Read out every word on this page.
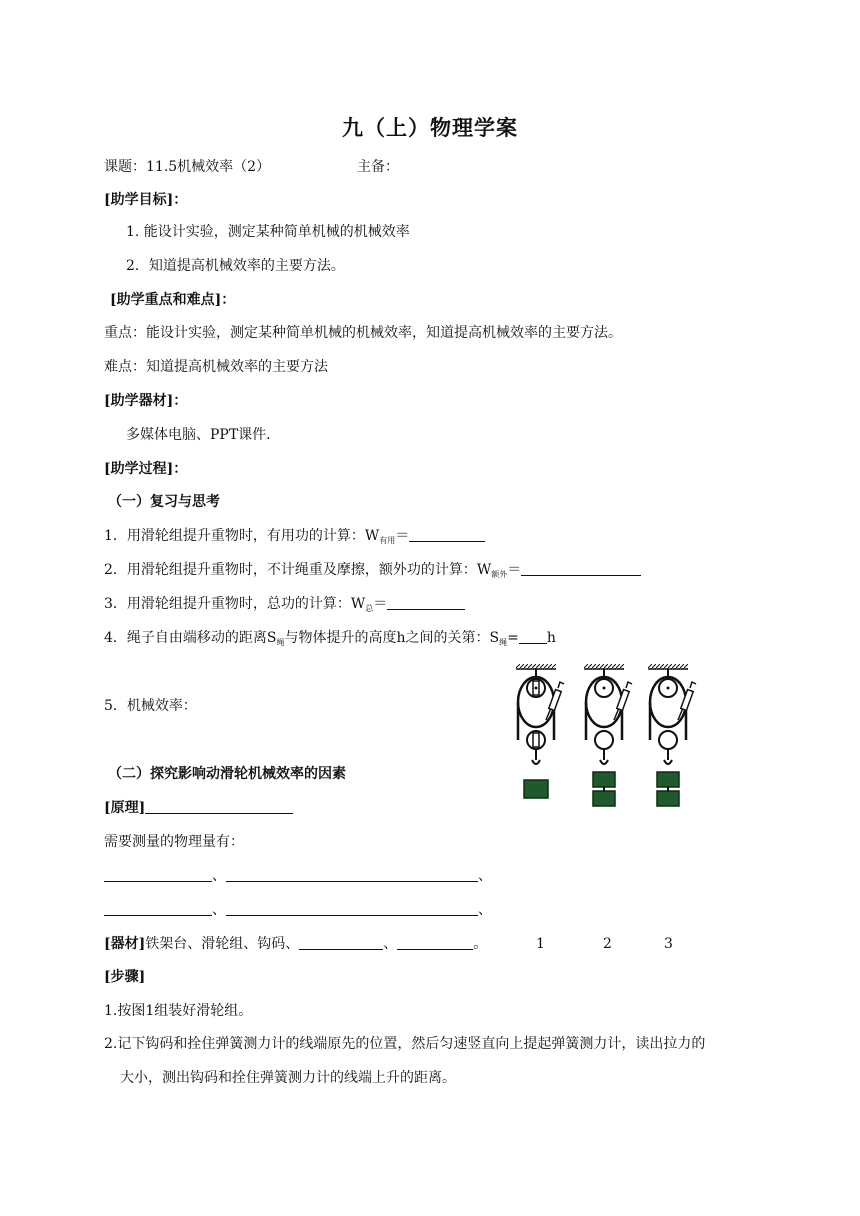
九（上）物理学案
课题：11.5机械效率（2）	主备：
[助学目标]：
1. 能设计实验，测定某种简单机械的机械效率
2．知道提高机械效率的主要方法。
[助学重点和难点]：
重点：能设计实验，测定某种简单机械的机械效率，知道提高机械效率的主要方法。
难点：知道提高机械效率的主要方法
[助学器材]：
多媒体电脑、PPT课件.
[助学过程]：
（一）复习与思考
1．用滑轮组提升重物时，有用功的计算：$W_{有用}=$
2．用滑轮组提升重物时，不计绳重及摩擦，额外功的计算：$W_{额外}=$
3．用滑轮组提升重物时，总功的计算：$W_总=$
4．绳子自由端移动的距离$S_绳$与物体提升的高度h之间的关第：$S_绳= h$
5．机械效率：
（二）探究影响动滑轮机械效率的因素
[原理]
需要测量的物理量有：
、	、
、	、
[器材]铁架台、滑轮组、钩码、	、	。	1	2	3
[步骤]
1.按图1组装好滑轮组。
2.记下钩码和拴住弹簧测力计的线端原先的位置，然后匀速竖直向上提起弹簧测力计，读出拉力的
大小，测出钩码和拴住弹簧测力计的线端上升的距离。
